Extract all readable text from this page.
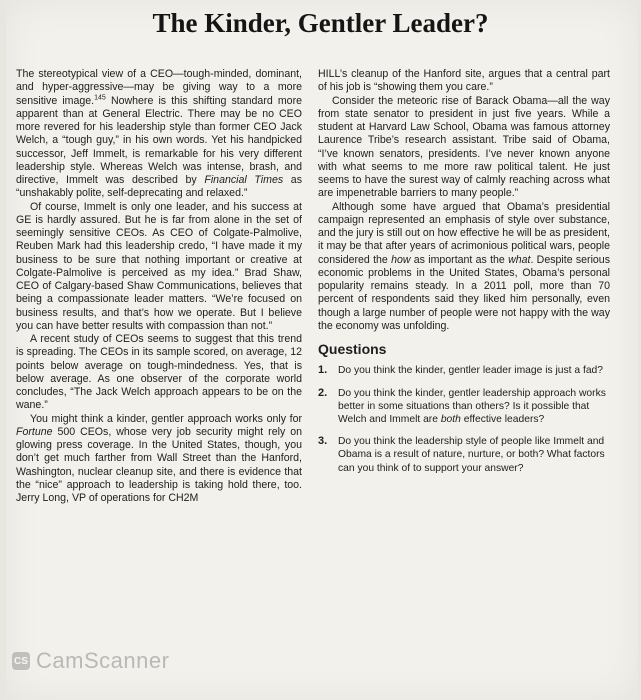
The Kinder, Gentler Leader?

The stereotypical view of a CEO—tough-minded, dominant, and hyper-aggressive—may be giving way to a more sensitive image.$^{145}$ Nowhere is this shifting standard more apparent than at General Electric. There may be no CEO more revered for his leadership style than former CEO Jack Welch, a “tough guy,” in his own words. Yet his handpicked successor, Jeff Immelt, is remarkable for his very different leadership style. Whereas Welch was intense, brash, and directive, Immelt was described by Financial Times as “unshakably polite, self-deprecating and relaxed.”

Of course, Immelt is only one leader, and his success at GE is hardly assured. But he is far from alone in the set of seemingly sensitive CEOs. As CEO of Colgate-Palmolive, Reuben Mark had this leadership credo, “I have made it my business to be sure that nothing important or creative at Colgate-Palmolive is perceived as my idea.” Brad Shaw, CEO of Calgary-based Shaw Communications, believes that being a compassionate leader matters. “We’re focused on business results, and that’s how we operate. But I believe you can have better results with compassion than not.”

A recent study of CEOs seems to suggest that this trend is spreading. The CEOs in its sample scored, on average, 12 points below average on tough-mindedness. Yes, that is below average. As one observer of the corporate world concludes, “The Jack Welch approach appears to be on the wane.”

You might think a kinder, gentler approach works only for Fortune 500 CEOs, whose very job security might rely on glowing press coverage. In the United States, though, you don’t get much farther from Wall Street than the Hanford, Washington, nuclear cleanup site, and there is evidence that the “nice” approach to leadership is taking hold there, too. Jerry Long, VP of operations for CH2M

HILL’s cleanup of the Hanford site, argues that a central part of his job is “showing them you care.”

Consider the meteoric rise of Barack Obama—all the way from state senator to president in just five years. While a student at Harvard Law School, Obama was famous attorney Laurence Tribe’s research assistant. Tribe said of Obama, “I’ve known senators, presidents. I’ve never known anyone with what seems to me more raw political talent. He just seems to have the surest way of calmly reaching across what are impenetrable barriers to many people.”

Although some have argued that Obama’s presidential campaign represented an emphasis of style over substance, and the jury is still out on how effective he will be as president, it may be that after years of acrimonious political wars, people considered the how as important as the what. Despite serious economic problems in the United States, Obama’s personal popularity remains steady. In a 2011 poll, more than 70 percent of respondents said they liked him personally, even though a large number of people were not happy with the way the economy was unfolding.

Questions
1.	Do you think the kinder, gentler leader image is just a fad?
2.	Do you think the kinder, gentler leadership approach works better in some situations than others? Is it possible that Welch and Immelt are both effective leaders?
3.	Do you think the leadership style of people like Immelt and Obama is a result of nature, nurture, or both? What factors can you think of to support your answer?
CS CamScanner
